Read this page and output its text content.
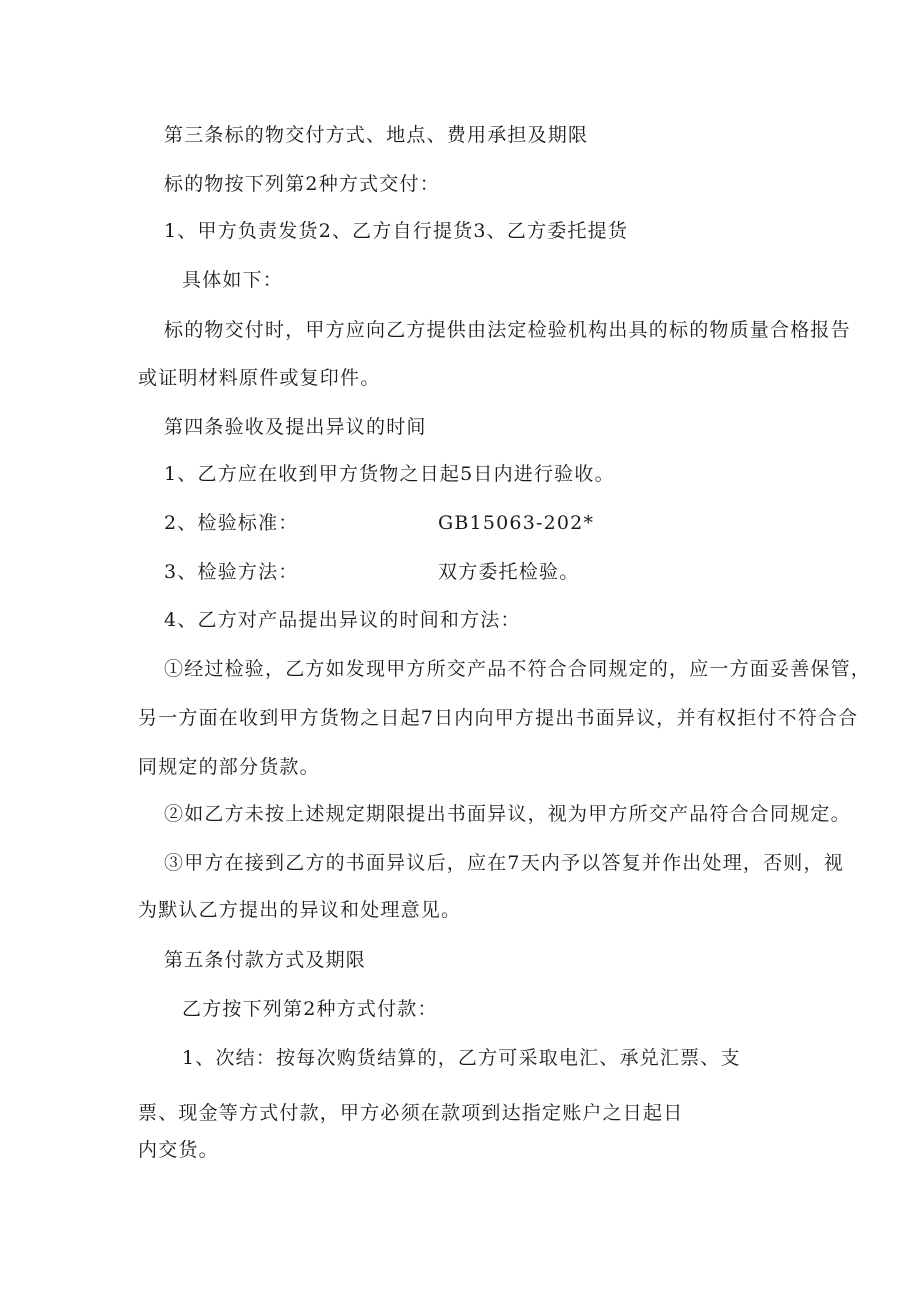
第三条标的物交付方式、地点、费用承担及期限
标的物按下列第2种方式交付：
1、甲方负责发货2、乙方自行提货3、乙方委托提货
具体如下：
标的物交付时，甲方应向乙方提供由法定检验机构出具的标的物质量合格报告
或证明材料原件或复印件。
第四条验收及提出异议的时间
1、乙方应在收到甲方货物之日起5日内进行验收。
2、检验标准：	GB15063-202*
3、检验方法：	双方委托检验。
4、乙方对产品提出异议的时间和方法：
①经过检验，乙方如发现甲方所交产品不符合合同规定的，应一方面妥善保管，
另一方面在收到甲方货物之日起7日内向甲方提出书面异议，并有权拒付不符合合
同规定的部分货款。
②如乙方未按上述规定期限提出书面异议，视为甲方所交产品符合合同规定。
③甲方在接到乙方的书面异议后，应在7天内予以答复并作出处理，否则，视
为默认乙方提出的异议和处理意见。
第五条付款方式及期限
乙方按下列第2种方式付款：
1、次结：按每次购货结算的，乙方可采取电汇、承兑汇票、支
票、现金等方式付款，甲方必须在款项到达指定账户之日起日
内交货。
